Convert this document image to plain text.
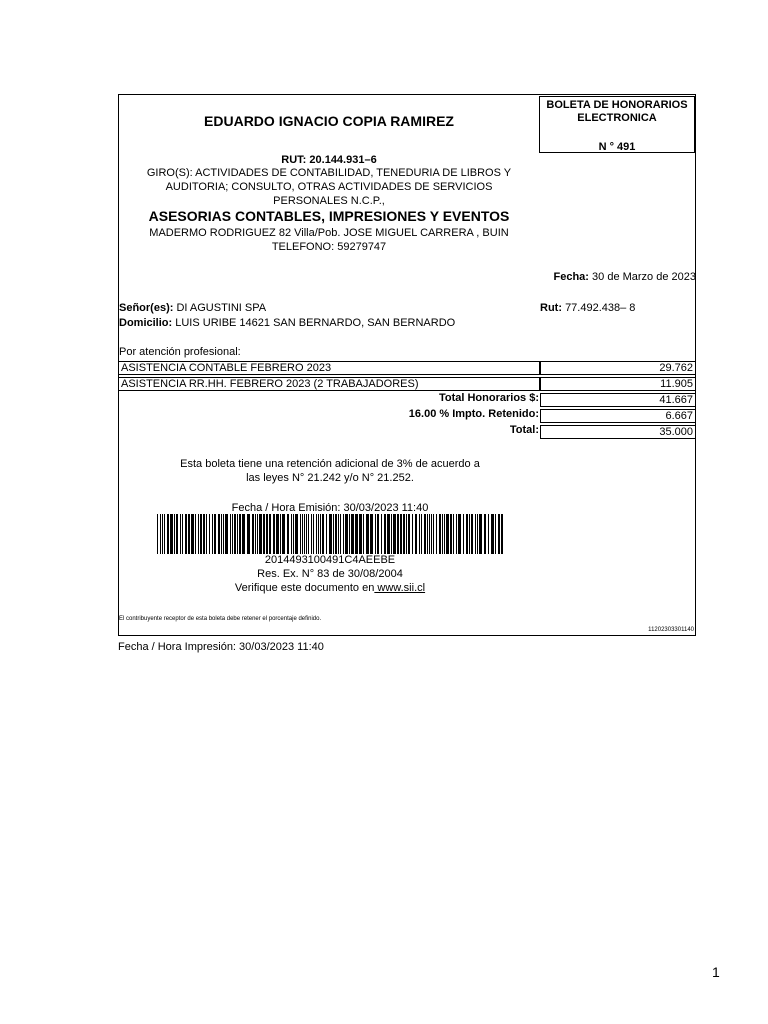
EDUARDO IGNACIO COPIA RAMIREZ
BOLETA DE HONORARIOS
ELECTRONICA
N ° 491
RUT: 20.144.931–6
GIRO(S): ACTIVIDADES DE CONTABILIDAD, TENEDURIA DE LIBROS Y
AUDITORIA; CONSULTO, OTRAS ACTIVIDADES DE SERVICIOS
PERSONALES N.C.P.,
ASESORIAS CONTABLES, IMPRESIONES Y EVENTOS
MADERMO RODRIGUEZ 82 Villa/Pob. JOSE MIGUEL CARRERA , BUIN
TELEFONO: 59279747
Fecha: 30 de Marzo de 2023
Señor(es): DI AGUSTINI SPA	Rut: 77.492.438– 8
Domicilio: LUIS URIBE 14621 SAN BERNARDO, SAN BERNARDO
Por atención profesional:
ASISTENCIA CONTABLE FEBRERO 2023	29.762
ASISTENCIA RR.HH. FEBRERO 2023 (2 TRABAJADORES)	11.905
Total Honorarios $:	41.667
16.00 % Impto. Retenido:	6.667
Total:	35.000
Esta boleta tiene una retención adicional de 3% de acuerdo a
las leyes N° 21.242 y/o N° 21.252.
Fecha / Hora Emisión: 30/03/2023 11:40
2014493100491C4AEEBE
Res. Ex. N° 83 de 30/08/2004
Verifique este documento en www.sii.cl
El contribuyente receptor de esta boleta debe retener el porcentaje definido.
11202303301140
Fecha / Hora Impresión: 30/03/2023 11:40
1
